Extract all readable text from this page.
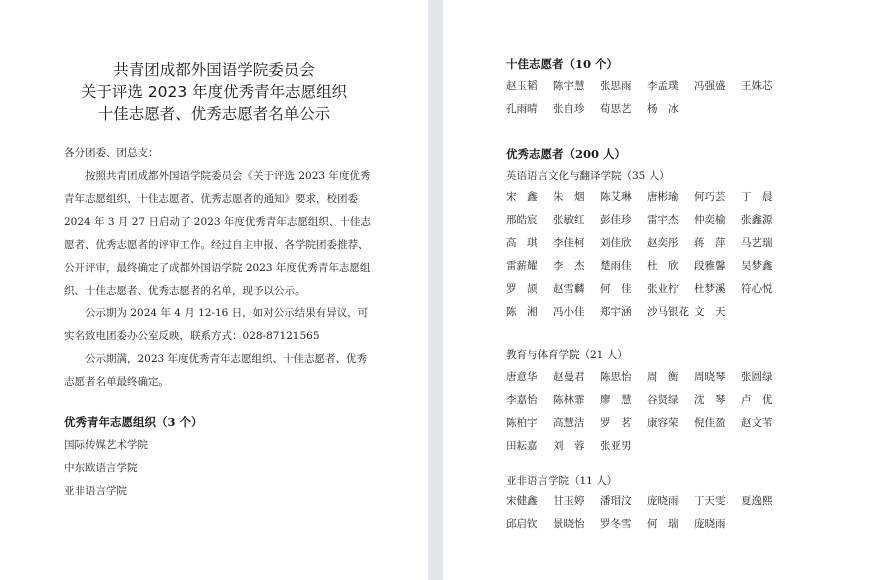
共青团成都外国语学院委员会
关于评选 2023 年度优秀青年志愿组织
十佳志愿者、优秀志愿者名单公示
各分团委、团总支：
按照共青团成都外国语学院委员会《关于评选 2023 年度优秀青年志愿组织、十佳志愿者、优秀志愿者的通知》要求，校团委 2024 年 3 月 27 日启动了 2023 年度优秀青年志愿组织、十佳志愿者、优秀志愿者的评审工作。经过自主申报、各学院团委推荐、公开评审，最终确定了成都外国语学院 2023 年度优秀青年志愿组织、十佳志愿者、优秀志愿者的名单，现予以公示。
公示期为 2024 年 4 月 12-16 日，如对公示结果有异议，可实名致电团委办公室反映，联系方式：028-87121565
公示期满，2023 年度优秀青年志愿组织、十佳志愿者、优秀志愿者名单最终确定。
优秀青年志愿组织（3 个）
国际传媒艺术学院
中东欧语言学院
亚非语言学院
十佳志愿者（10 个）
赵玉韬	陈宇慧	张思雨	李孟璞	冯强盛	王姝芯
孔雨晴	张自珍	荀思艺	杨　冰
优秀志愿者（200 人）
英语语言文化与翻译学院（35 人）
宋　鑫	朱　烟	陈艾琳	唐彬瑜	何巧芸	丁　晨
邢皓宸	张敏红	彭佳珍	雷宇杰	仲奕榆	张鑫源
高　琪	李佳柯	刘佳欣	赵奕彤	蒋　萍	马艺瑞
雷薪耀	李　杰	楚雨佳	杜　欣	段雅馨	吴梦鑫
罗　颉	赵雪麟	何　佳	张业柠	杜梦溪	符心悦
陈　湘	冯小佳	郑宇涵	沙马银花 文　天
教育与体育学院（21 人）
唐意华	赵曼君	陈思怡	周　衡	周晓琴	张圆绿
李嘉怡	陈林霏	廖　慧	谷贤绿	沈　琴	卢　优
陈柏宇	高慧洁	罗　茗	康容荣	倪佳盈	赵文苇
田耘嘉	刘　蓉	张亚男
亚非语言学院（11 人）
宋健鑫	甘玉婷	潘瑁汶	庞晓雨	丁天雯	夏逸熙
邱启钦	景晓怡	罗冬雪	何　瑞	庞晓雨
